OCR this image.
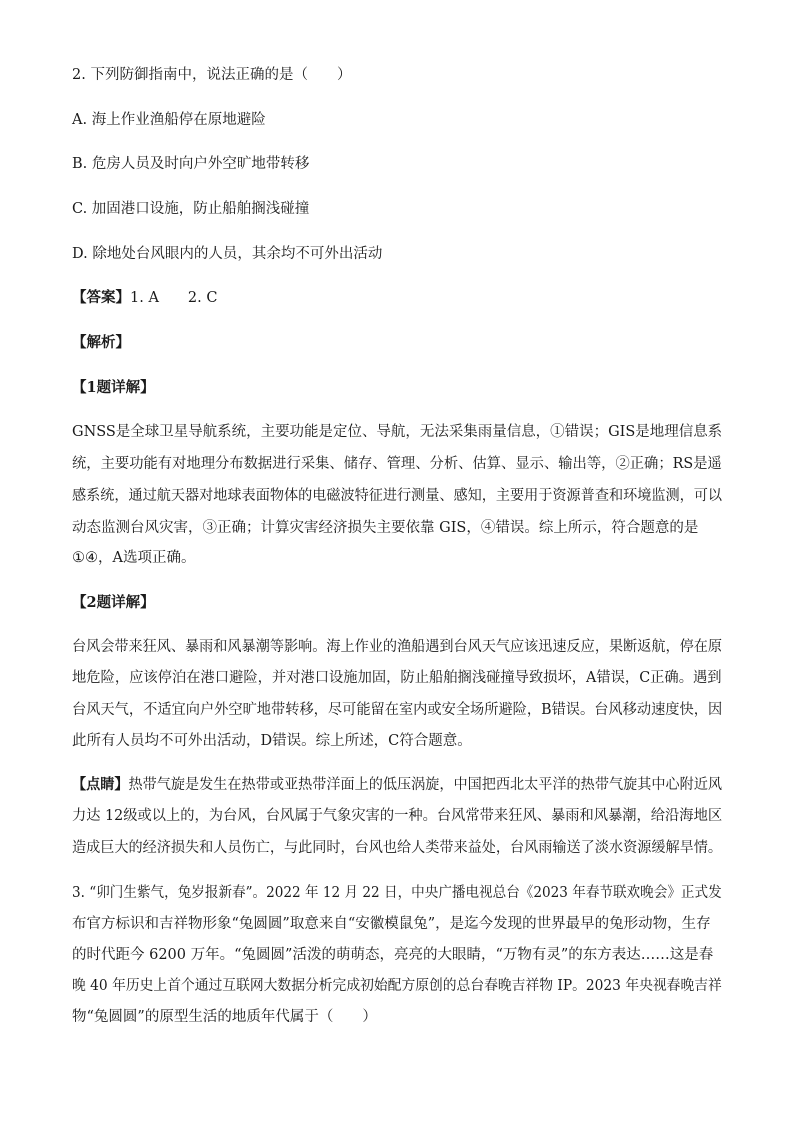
2. 下列防御指南中，说法正确的是（　　）
A. 海上作业渔船停在原地避险
B. 危房人员及时向户外空旷地带转移
C. 加固港口设施，防止船舶搁浅碰撞
D. 除地处台风眼内的人员，其余均不可外出活动
【答案】1. A　　2. C
【解析】
【1题详解】
GNSS是全球卫星导航系统，主要功能是定位、导航，无法采集雨量信息，①错误；GIS是地理信息系
统，主要功能有对地理分布数据进行采集、储存、管理、分析、估算、显示、输出等，②正确；RS是遥
感系统，通过航天器对地球表面物体的电磁波特征进行测量、感知，主要用于资源普查和环境监测，可以
动态监测台风灾害，③正确；计算灾害经济损失主要依靠 GIS，④错误。综上所示，符合题意的是
①④，A选项正确。
【2题详解】
台风会带来狂风、暴雨和风暴潮等影响。海上作业的渔船遇到台风天气应该迅速反应，果断返航，停在原
地危险，应该停泊在港口避险，并对港口设施加固，防止船舶搁浅碰撞导致损坏，A错误，C正确。遇到
台风天气，不适宜向户外空旷地带转移，尽可能留在室内或安全场所避险，B错误。台风移动速度快，因
此所有人员均不可外出活动，D错误。综上所述，C符合题意。
【点睛】热带气旋是发生在热带或亚热带洋面上的低压涡旋，中国把西北太平洋的热带气旋其中心附近风
力达 12级或以上的，为台风，台风属于气象灾害的一种。台风常带来狂风、暴雨和风暴潮，给沿海地区
造成巨大的经济损失和人员伤亡，与此同时，台风也给人类带来益处，台风雨输送了淡水资源缓解旱情。
3. “卯门生紫气，兔岁报新春”。2022 年 12 月 22 日，中央广播电视总台《2023 年春节联欢晚会》正式发
布官方标识和吉祥物形象“兔圆圆”取意来自“安徽模鼠兔”，是迄今发现的世界最早的兔形动物，生存
的时代距今 6200 万年。“兔圆圆”活泼的萌萌态，亮亮的大眼睛，“万物有灵”的东方表达……这是春
晚 40 年历史上首个通过互联网大数据分析完成初始配方原创的总台春晚吉祥物 IP。2023 年央视春晚吉祥
物“兔圆圆”的原型生活的地质年代属于（　　）
